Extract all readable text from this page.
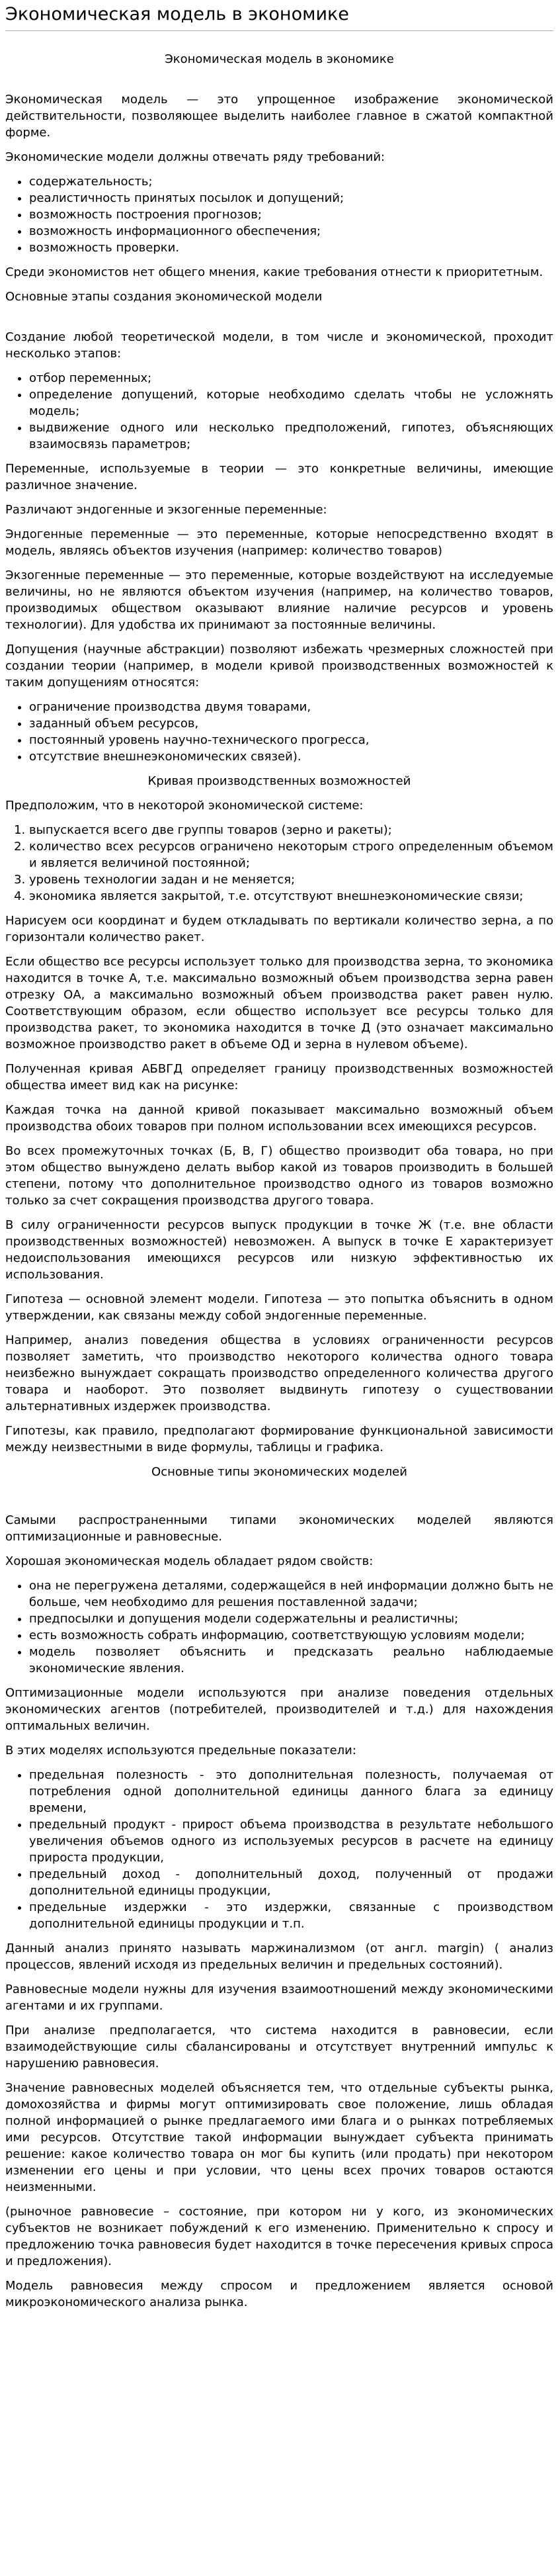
Экономическая модель в экономике
Экономическая модель в экономике

Экономическая модель — это упрощенное изображение экономической действительности, позволяющее выделить наиболее главное в сжатой компактной форме.

Экономические модели должны отвечать ряду требований:

• содержательность;
• реалистичность принятых посылок и допущений;
• возможность построения прогнозов;
• возможность информационного обеспечения;
• возможность проверки.

Среди экономистов нет общего мнения, какие требования отнести к приоритетным.

Основные этапы создания экономической модели

Создание любой теоретической модели, в том числе и экономической, проходит несколько этапов:

• отбор переменных;
• определение допущений, которые необходимо сделать чтобы не усложнять модель;
• выдвижение одного или несколько предположений, гипотез, объясняющих взаимосвязь параметров;

Переменные, используемые в теории — это конкретные величины, имеющие различное значение.

Различают эндогенные и экзогенные переменные:

Эндогенные переменные — это переменные, которые непосредственно входят в модель, являясь объектов изучения (например: количество товаров)

Экзогенные переменные — это переменные, которые воздействуют на исследуемые величины, но не являются объектом изучения (например, на количество товаров, производимых обществом оказывают влияние наличие ресурсов и уровень технологии). Для удобства их принимают за постоянные величины.

Допущения (научные абстракции) позволяют избежать чрезмерных сложностей при создании теории (например, в модели кривой производственных возможностей к таким допущениям относятся:

• ограничение производства двумя товарами,
• заданный объем ресурсов,
• постоянный уровень научно-технического прогресса,
• отсутствие внешнеэкономических связей).
Кривая производственных возможностей

Предположим, что в некоторой экономической системе:

1. выпускается всего две группы товаров (зерно и ракеты);
2. количество всех ресурсов ограничено некоторым строго определенным объемом и является величиной постоянной;
3. уровень технологии задан и не меняется;
4. экономика является закрытой, т.е. отсутствуют внешнеэкономические связи;

Нарисуем оси координат и будем откладывать по вертикали количество зерна, а по горизонтали количество ракет.

Если общество все ресурсы использует только для производства зерна, то экономика находится в точке А, т.е. максимально возможный объем производства зерна равен отрезку ОА, а максимально возможный объем производства ракет равен нулю. Соответствующим образом, если общество использует все ресурсы только для производства ракет, то экономика находится в точке Д (это означает максимально возможное производство ракет в объеме ОД и зерна в нулевом объеме).

Полученная кривая АБВГД определяет границу производственных возможностей общества имеет вид как на рисунке:

Каждая точка на данной кривой показывает максимально возможный объем производства обоих товаров при полном использовании всех имеющихся ресурсов.

Во всех промежуточных точках (Б, В, Г) общество производит оба товара, но при этом общество вынуждено делать выбор какой из товаров производить в большей степени, потому что дополнительное производство одного из товаров возможно только за счет сокращения производства другого товара.

В силу ограниченности ресурсов выпуск продукции в точке Ж (т.е. вне области производственных возможностей) невозможен. А выпуск в точке Е характеризует недоиспользования имеющихся ресурсов или низкую эффективностью их использования.

Гипотеза — основной элемент модели. Гипотеза — это попытка объяснить в одном утверждении, как связаны между собой эндогенные переменные.

Например, анализ поведения общества в условиях ограниченности ресурсов позволяет заметить, что производство некоторого количества одного товара неизбежно вынуждает сокращать производство определенного количества другого товара и наоборот. Это позволяет выдвинуть гипотезу о существовании альтернативных издержек производства.

Гипотезы, как правило, предполагают формирование функциональной зависимости между неизвестными в виде формулы, таблицы и графика.

Основные типы экономических моделей

Самыми распространенными типами экономических моделей являются оптимизационные и равновесные.

Хорошая экономическая модель обладает рядом свойств:

• она не перегружена деталями, содержащейся в ней информации должно быть не больше, чем необходимо для решения поставленной задачи;
• предпосылки и допущения модели содержательны и реалистичны;
• есть возможность собрать информацию, соответствующую условиям модели;
• модель позволяет объяснить и предсказать реально наблюдаемые экономические явления.

Оптимизационные модели используются при анализе поведения отдельных экономических агентов (потребителей, производителей и т.д.) для нахождения оптимальных величин.

В этих моделях используются предельные показатели:

• предельная полезность - это дополнительная полезность, получаемая от потребления одной дополнительной единицы данного блага за единицу времени,
• предельный продукт - прирост объема производства в результате небольшого увеличения объемов одного из используемых ресурсов в расчете на единицу прироста продукции,
• предельный доход - дополнительный доход, полученный от продажи дополнительной единицы продукции,
• предельные издержки - это издержки, связанные с производством дополнительной единицы продукции и т.п.

Данный анализ принято называть маржинализмом (от англ. margin) ( анализ процессов, явлений исходя из предельных величин и предельных состояний).

Равновесные модели нужны для изучения взаимоотношений между экономическими агентами и их группами.

При анализе предполагается, что система находится в равновесии, если взаимодействующие силы сбалансированы и отсутствует внутренний импульс к нарушению равновесия.

Значение равновесных моделей объясняется тем, что отдельные субъекты рынка, домохозяйства и фирмы могут оптимизировать свое положение, лишь обладая полной информацией о рынке предлагаемого ими блага и о рынках потребляемых ими ресурсов. Отсутствие такой информации вынуждает субъекта принимать решение: какое количество товара он мог бы купить (или продать) при некотором изменении его цены и при условии, что цены всех прочих товаров остаются неизменными.

(рыночное равновесие – состояние, при котором ни у кого, из экономических субъектов не возникает побуждений к его изменению. Применительно к спросу и предложению точка равновесия будет находится в точке пересечения кривых спроса и предложения).

Модель равновесия между спросом и предложением является основой микроэкономического анализа рынка.
